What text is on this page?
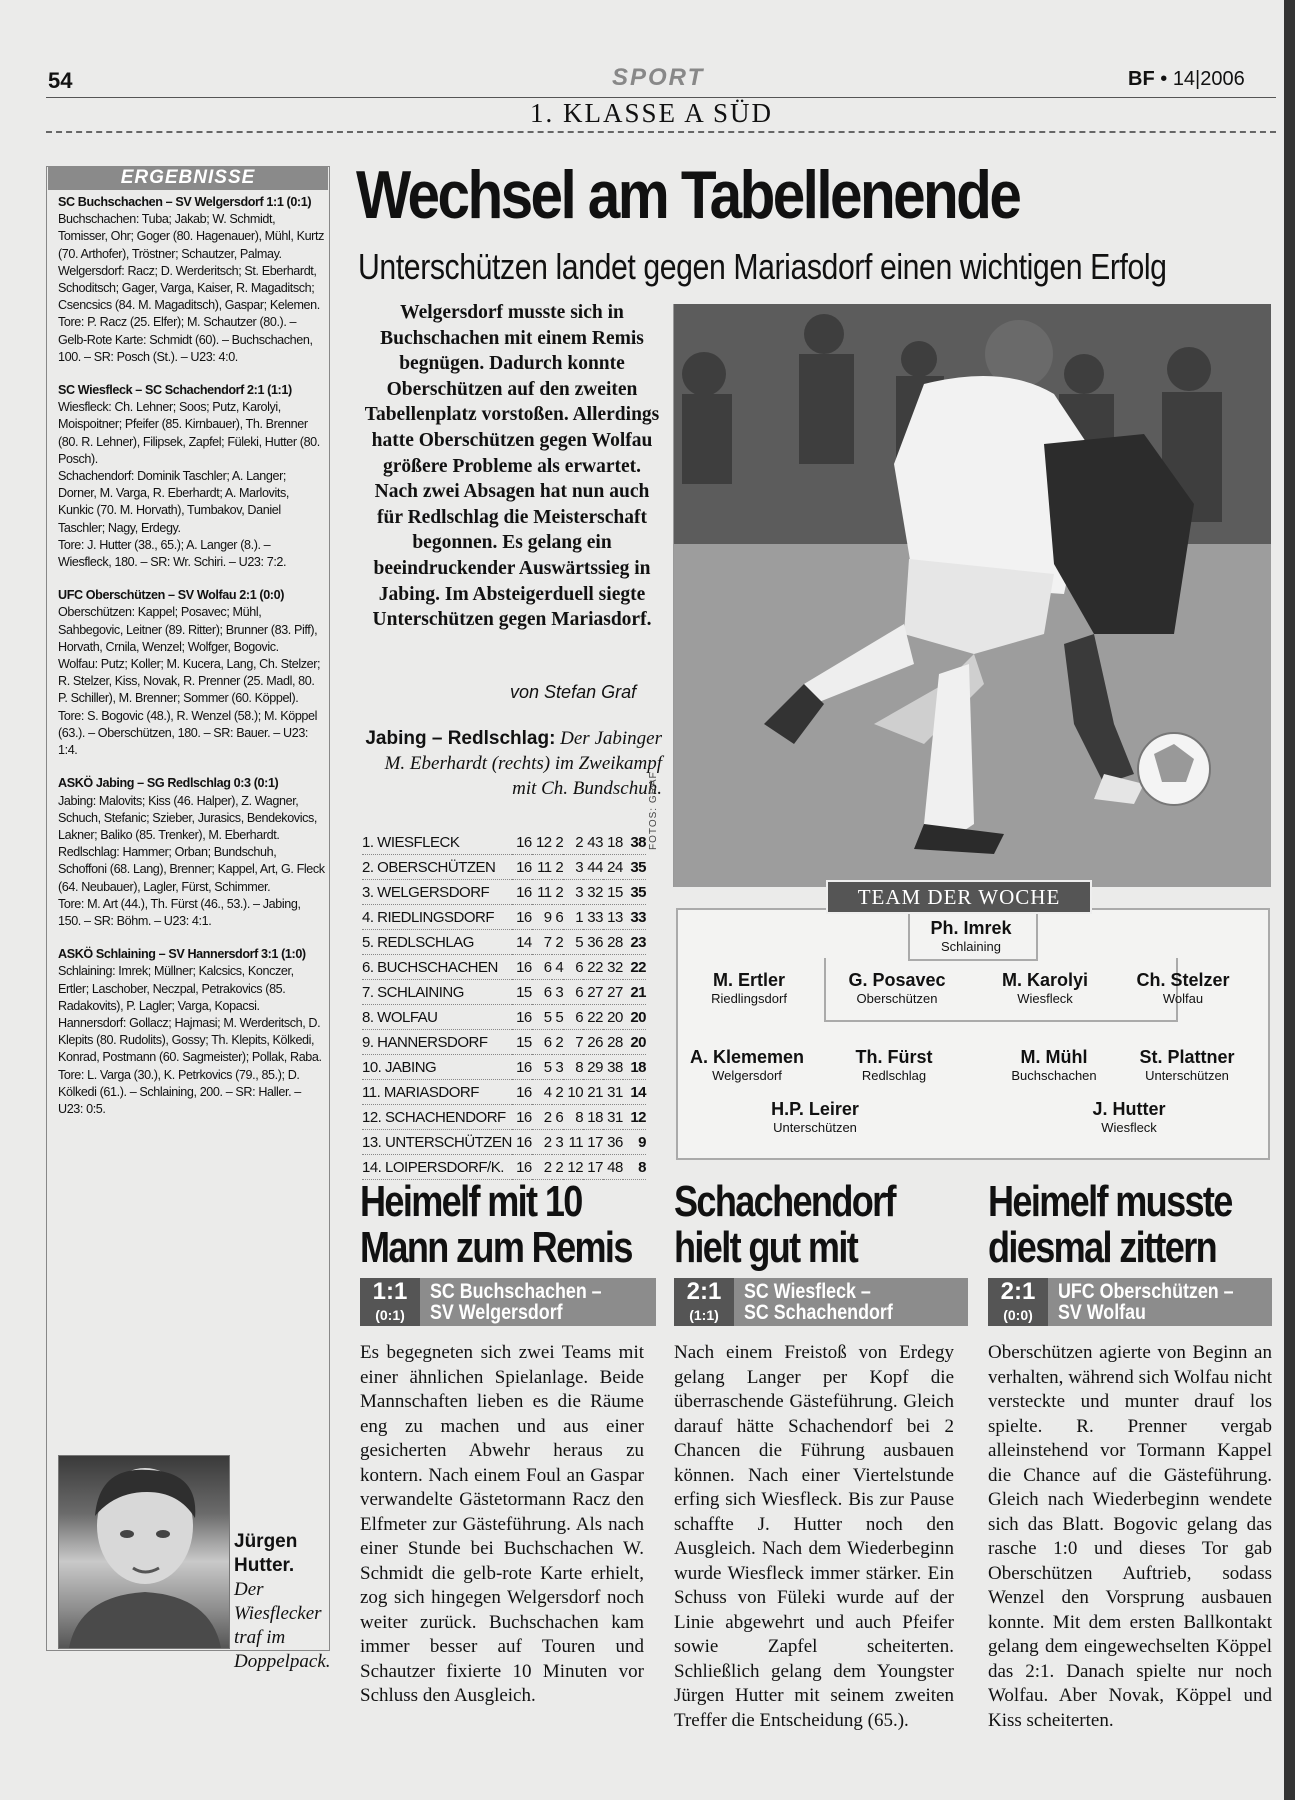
54	SPORT	BF • 14|2006
1. KLASSE A SÜD
ERGEBNISSE
SC Buchschachen – SV Welgersdorf 1:1 (0:1)
Buchschachen: Tuba; Jakab; W. Schmidt, Tomisser, Ohr; Goger (80. Hagenauer), Mühl, Kurtz (70. Arthofer), Tröstner; Schautzer, Palmay.
Welgersdorf: Racz; D. Werderitsch; St. Eberhardt, Schoditsch; Gager, Varga, Kaiser, R. Magaditsch; Csencsics (84. M. Magaditsch), Gaspar; Kelemen.
Tore: P. Racz (25. Elfer); M. Schautzer (80.). – Gelb-Rote Karte: Schmidt (60). – Buchschachen, 100. – SR: Posch (St.). – U23: 4:0.
SC Wiesfleck – SC Schachendorf 2:1 (1:1)
Wiesfleck: Ch. Lehner; Soos; Putz, Karolyi, Moispoitner; Pfeifer (85. Kirnbauer), Th. Brenner (80. R. Lehner), Filipsek, Zapfel; Füleki, Hutter (80. Posch).
Schachendorf: Dominik Taschler; A. Langer; Dorner, M. Varga, R. Eberhardt; A. Marlovits, Kunkic (70. M. Horvath), Tumbakov, Daniel Taschler; Nagy, Erdegy.
Tore: J. Hutter (38., 65.); A. Langer (8.). – Wiesfleck, 180. – SR: Wr. Schiri. – U23: 7:2.
UFC Oberschützen – SV Wolfau 2:1 (0:0)
Oberschützen: Kappel; Posavec; Mühl, Sahbegovic, Leitner (89. Ritter); Brunner (83. Piff), Horvath, Crnila, Wenzel; Wolfger, Bogovic.
Wolfau: Putz; Koller; M. Kucera, Lang, Ch. Stelzer; R. Stelzer, Kiss, Novak, R. Prenner (25. Madl, 80. P. Schiller), M. Brenner; Sommer (60. Köppel).
Tore: S. Bogovic (48.), R. Wenzel (58.); M. Köppel (63.). – Oberschützen, 180. – SR: Bauer. – U23: 1:4.
ASKÖ Jabing – SG Redlschlag 0:3 (0:1)
Jabing: Malovits; Kiss (46. Halper), Z. Wagner, Schuch, Stefanic; Szieber, Jurasics, Bendekovics, Lakner; Baliko (85. Trenker), M. Eberhardt.
Redlschlag: Hammer; Orban; Bundschuh, Schoffoni (68. Lang), Brenner; Kappel, Art, G. Fleck (64. Neubauer), Lagler, Fürst, Schimmer.
Tore: M. Art (44.), Th. Fürst (46., 53.). – Jabing, 150. – SR: Böhm. – U23: 4:1.
ASKÖ Schlaining – SV Hannersdorf 3:1 (1:0)
Schlaining: Imrek; Müllner; Kalcsics, Konczer, Ertler; Laschober, Neczpal, Petrakovics (85. Radakovits), P. Lagler; Varga, Kopacsi.
Hannersdorf: Gollacz; Hajmasi; M. Werderitsch, D. Klepits (80. Rudolits), Gossy; Th. Klepits, Kölkedi, Konrad, Postmann (60. Sagmeister); Pollak, Raba.
Tore: L. Varga (30.), K. Petrkovics (79., 85.); D. Kölkedi (61.). – Schlaining, 200. – SR: Haller. – U23: 0:5.
Jürgen Hutter. Der Wiesflecker traf im Doppelpack.
Wechsel am Tabellenende
Unterschützen landet gegen Mariasdorf einen wichtigen Erfolg
Welgersdorf musste sich in Buchschachen mit einem Remis begnügen. Dadurch konnte Oberschützen auf den zweiten Tabellenplatz vorstoßen. Allerdings hatte Oberschützen gegen Wolfau größere Probleme als erwartet. Nach zwei Absagen hat nun auch für Redlschlag die Meisterschaft begonnen. Es gelang ein beeindruckender Auswärtssieg in Jabing. Im Absteigerduell siegte Unterschützen gegen Mariasdorf.
von Stefan Graf
Jabing – Redlschlag: Der Jabinger M. Eberhardt (rechts) im Zweikampf mit Ch. Bundschuh.
FOTOS: GRAF
1. WIESFLECK	16	12	2	2	43	18	38
2. OBERSCHÜTZEN	16	11	2	3	44	24	35
3. WELGERSDORF	16	11	2	3	32	15	35
4. RIEDLINGSDORF	16	9	6	1	33	13	33
5. REDLSCHLAG	14	7	2	5	36	28	23
6. BUCHSCHACHEN	16	6	4	6	22	32	22
7. SCHLAINING	15	6	3	6	27	27	21
8. WOLFAU	16	5	5	6	22	20	20
9. HANNERSDORF	15	6	2	7	26	28	20
10. JABING	16	5	3	8	29	38	18
11. MARIASDORF	16	4	2	10	21	31	14
12. SCHACHENDORF	16	2	6	8	18	31	12
13. UNTERSCHÜTZEN	16	2	3	11	17	36	9
14. LOIPERSDORF/K.	16	2	2	12	17	48	8
TEAM DER WOCHE
Ph. Imrek
Schlaining
M. Ertler
Riedlingsdorf
G. Posavec
Oberschützen
M. Karolyi
Wiesfleck
Ch. Stelzer
Wolfau
A. Klememen
Welgersdorf
Th. Fürst
Redlschlag
M. Mühl
Buchschachen
St. Plattner
Unterschützen
H.P. Leirer
Unterschützen
J. Hutter
Wiesfleck
Heimelf mit 10
Mann zum Remis
1:1
(0:1)
SC Buchschachen –
SV Welgersdorf
Es begegneten sich zwei Teams mit einer ähnlichen Spielanlage. Beide Mannschaften lieben es die Räume eng zu machen und aus einer gesicherten Abwehr heraus zu kontern. Nach einem Foul an Gaspar verwandelte Gästetormann Racz den Elfmeter zur Gästeführung. Als nach einer Stunde bei Buchschachen W. Schmidt die gelb-rote Karte erhielt, zog sich hingegen Welgersdorf noch weiter zurück. Buchschachen kam immer besser auf Touren und Schautzer fixierte 10 Minuten vor Schluss den Ausgleich.
Schachendorf
hielt gut mit
2:1
(1:1)
SC Wiesfleck –
SC Schachendorf
Nach einem Freistoß von Erdegy gelang Langer per Kopf die überraschende Gästeführung. Gleich darauf hätte Schachendorf bei 2 Chancen die Führung ausbauen können. Nach einer Viertelstunde erfing sich Wiesfleck. Bis zur Pause schaffte J. Hutter noch den Ausgleich. Nach dem Wiederbeginn wurde Wiesfleck immer stärker. Ein Schuss von Füleki wurde auf der Linie abgewehrt und auch Pfeifer sowie Zapfel scheiterten. Schließlich gelang dem Youngster Jürgen Hutter mit seinem zweiten Treffer die Entscheidung (65.).
Heimelf musste
diesmal zittern
2:1
(0:0)
UFC Oberschützen –
SV Wolfau
Oberschützen agierte von Beginn an verhalten, während sich Wolfau nicht versteckte und munter drauf los spielte. R. Prenner vergab alleinstehend vor Tormann Kappel die Chance auf die Gästeführung. Gleich nach Wiederbeginn wendete sich das Blatt. Bogovic gelang das rasche 1:0 und dieses Tor gab Oberschützen Auftrieb, sodass Wenzel den Vorsprung ausbauen konnte. Mit dem ersten Ballkontakt gelang dem eingewechselten Köppel das 2:1. Danach spielte nur noch Wolfau. Aber Novak, Köppel und Kiss scheiterten.
